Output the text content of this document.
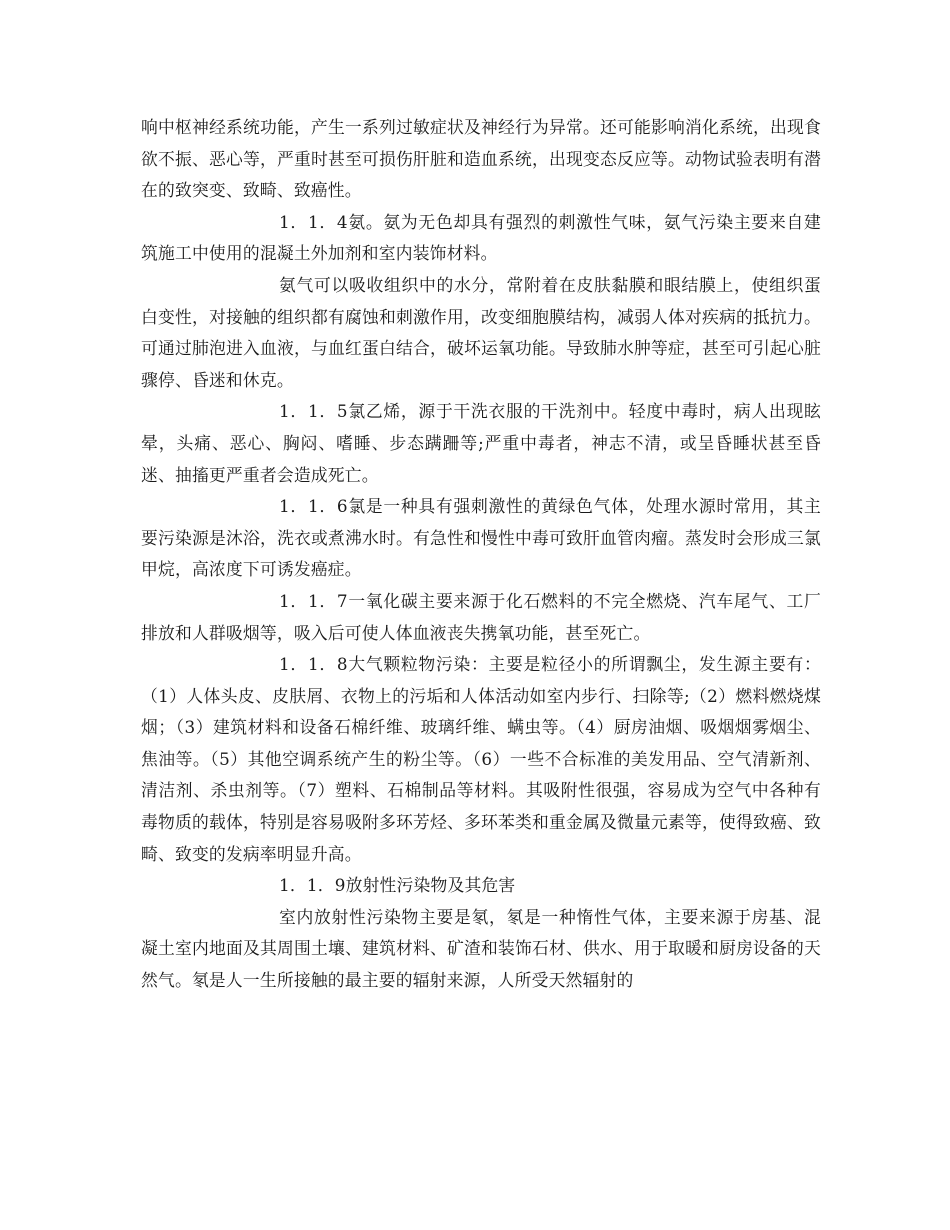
响中枢神经系统功能，产生一系列过敏症状及神经行为异常。还可能影响消化系统，出现食欲不振、恶心等，严重时甚至可损伤肝脏和造血系统，出现变态反应等。动物试验表明有潜在的致突变、致畸、致癌性。

1．1．4氨。氨为无色却具有强烈的刺激性气味，氨气污染主要来自建筑施工中使用的混凝土外加剂和室内装饰材料。

氨气可以吸收组织中的水分，常附着在皮肤黏膜和眼结膜上，使组织蛋白变性，对接触的组织都有腐蚀和刺激作用，改变细胞膜结构，减弱人体对疾病的抵抗力。可通过肺泡进入血液，与血红蛋白结合，破坏运氧功能。导致肺水肿等症，甚至可引起心脏骤停、昏迷和休克。

1．1．5氯乙烯，源于干洗衣服的干洗剂中。轻度中毒时，病人出现眩晕，头痛、恶心、胸闷、嗜睡、步态蹒跚等;严重中毒者，神志不清，或呈昏睡状甚至昏迷、抽搐更严重者会造成死亡。

1．1．6氯是一种具有强刺激性的黄绿色气体，处理水源时常用，其主要污染源是沐浴，洗衣或煮沸水时。有急性和慢性中毒可致肝血管肉瘤。蒸发时会形成三氯甲烷，高浓度下可诱发癌症。

1．1．7一氧化碳主要来源于化石燃料的不完全燃烧、汽车尾气、工厂排放和人群吸烟等，吸入后可使人体血液丧失携氧功能，甚至死亡。

1．1．8大气颗粒物污染：主要是粒径小的所谓飘尘，发生源主要有：（1）人体头皮、皮肤屑、衣物上的污垢和人体活动如室内步行、扫除等;（2）燃料燃烧煤烟；（3）建筑材料和设备石棉纤维、玻璃纤维、螨虫等。（4）厨房油烟、吸烟烟雾烟尘、焦油等。（5）其他空调系统产生的粉尘等。（6）一些不合标准的美发用品、空气清新剂、清洁剂、杀虫剂等。（7）塑料、石棉制品等材料。其吸附性很强，容易成为空气中各种有毒物质的载体，特别是容易吸附多环芳烃、多环苯类和重金属及微量元素等，使得致癌、致畸、致变的发病率明显升高。

1．1．9放射性污染物及其危害

室内放射性污染物主要是氡，氡是一种惰性气体，主要来源于房基、混凝土室内地面及其周围土壤、建筑材料、矿渣和装饰石材、供水、用于取暖和厨房设备的天然气。氡是人一生所接触的最主要的辐射来源，人所受天然辐射的
